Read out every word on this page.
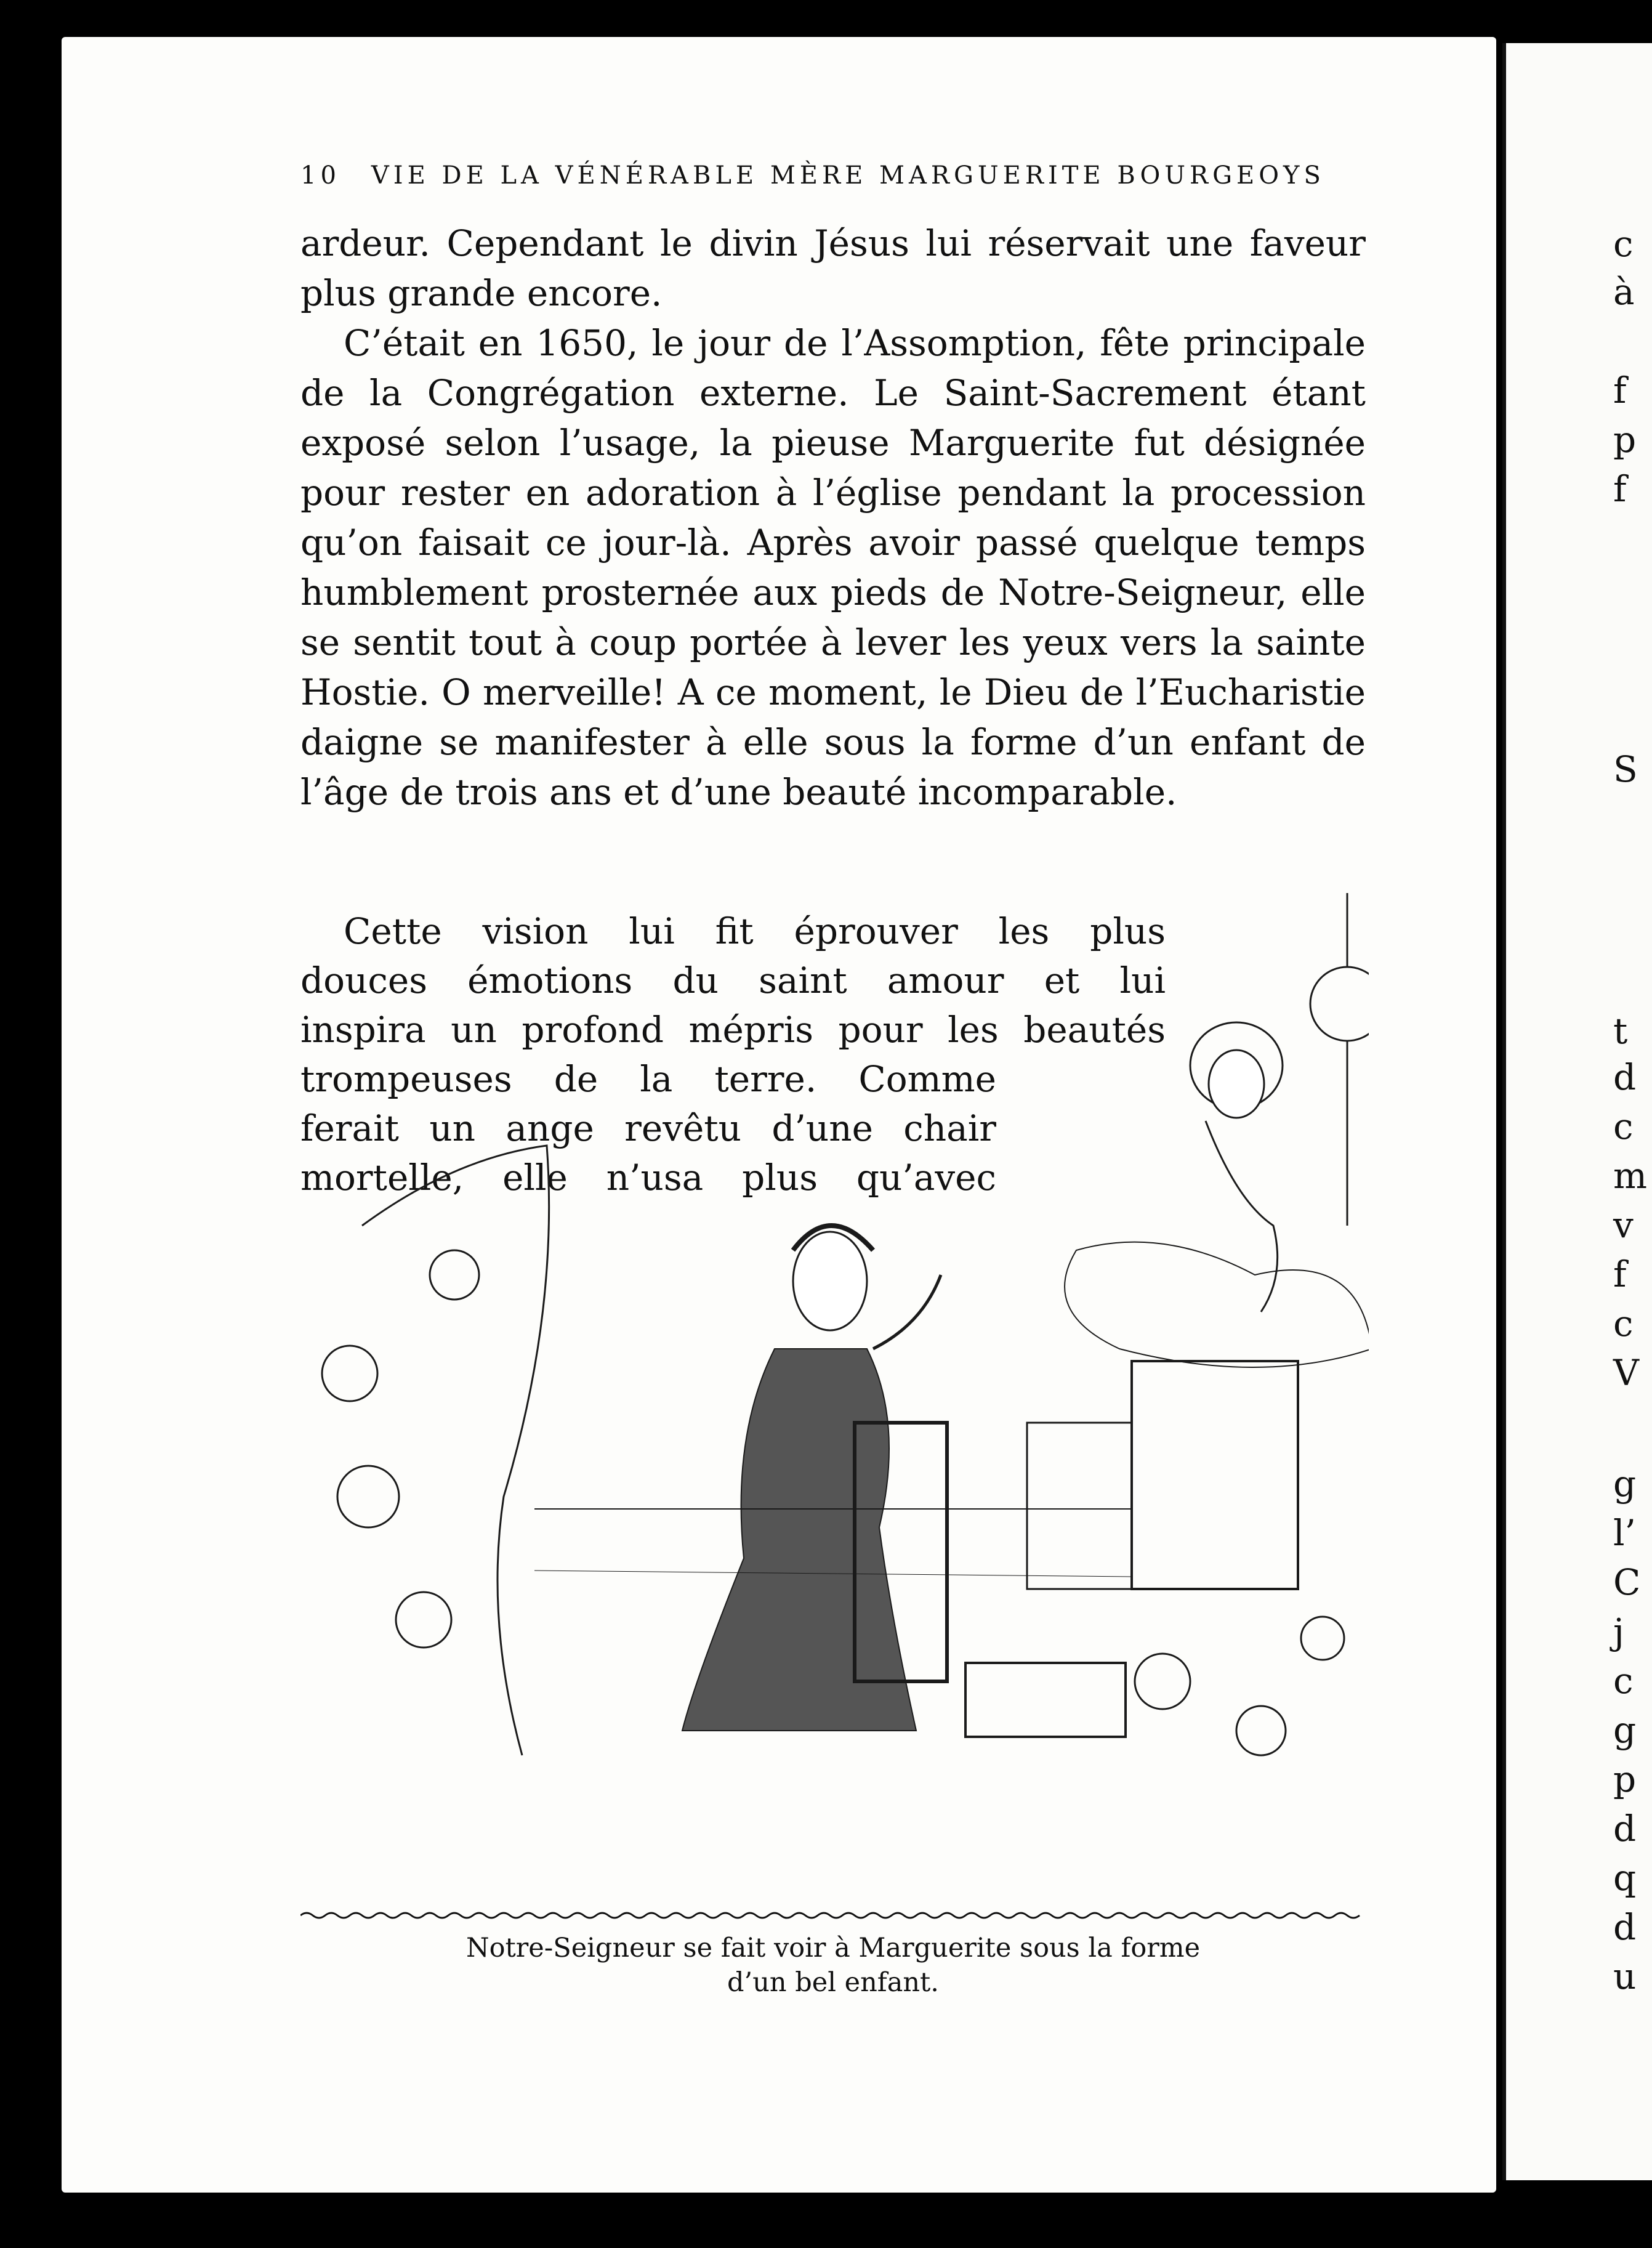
c
à
f
p
f
S
t
d
c
m
v
f
c
V
g
l’
C
j
c
g
p
d
q
d
u
10 VIE DE LA VÉNÉRABLE MÈRE MARGUERITE BOURGEOYS

ardeur. Cependant le divin Jésus lui réservait une faveur plus grande encore.

C’était en 1650, le jour de l’Assomption, fête principale de la Congrégation externe. Le Saint-Sacrement étant exposé selon l’usage, la pieuse Marguerite fut désignée pour rester en adoration à l’église pendant la procession qu’on faisait ce jour-là. Après avoir passé quelque temps humblement prosternée aux pieds de Notre-Seigneur, elle se sentit tout à coup portée à lever les yeux vers la sainte Hostie. O merveille! A ce moment, le Dieu de l’Eucharistie daigne se manifester à elle sous la forme d’un enfant de l’âge de trois ans et d’une beauté incomparable.

Cette vision lui fit éprouver les plus
douces émotions du saint amour et lui
inspira un profond mépris pour les beautés
trompeuses de la terre. Comme
ferait un ange revêtu d’une chair
mortelle, elle n’usa plus qu’avec
Notre-Seigneur se fait voir à Marguerite sous la forme
d’un bel enfant.
